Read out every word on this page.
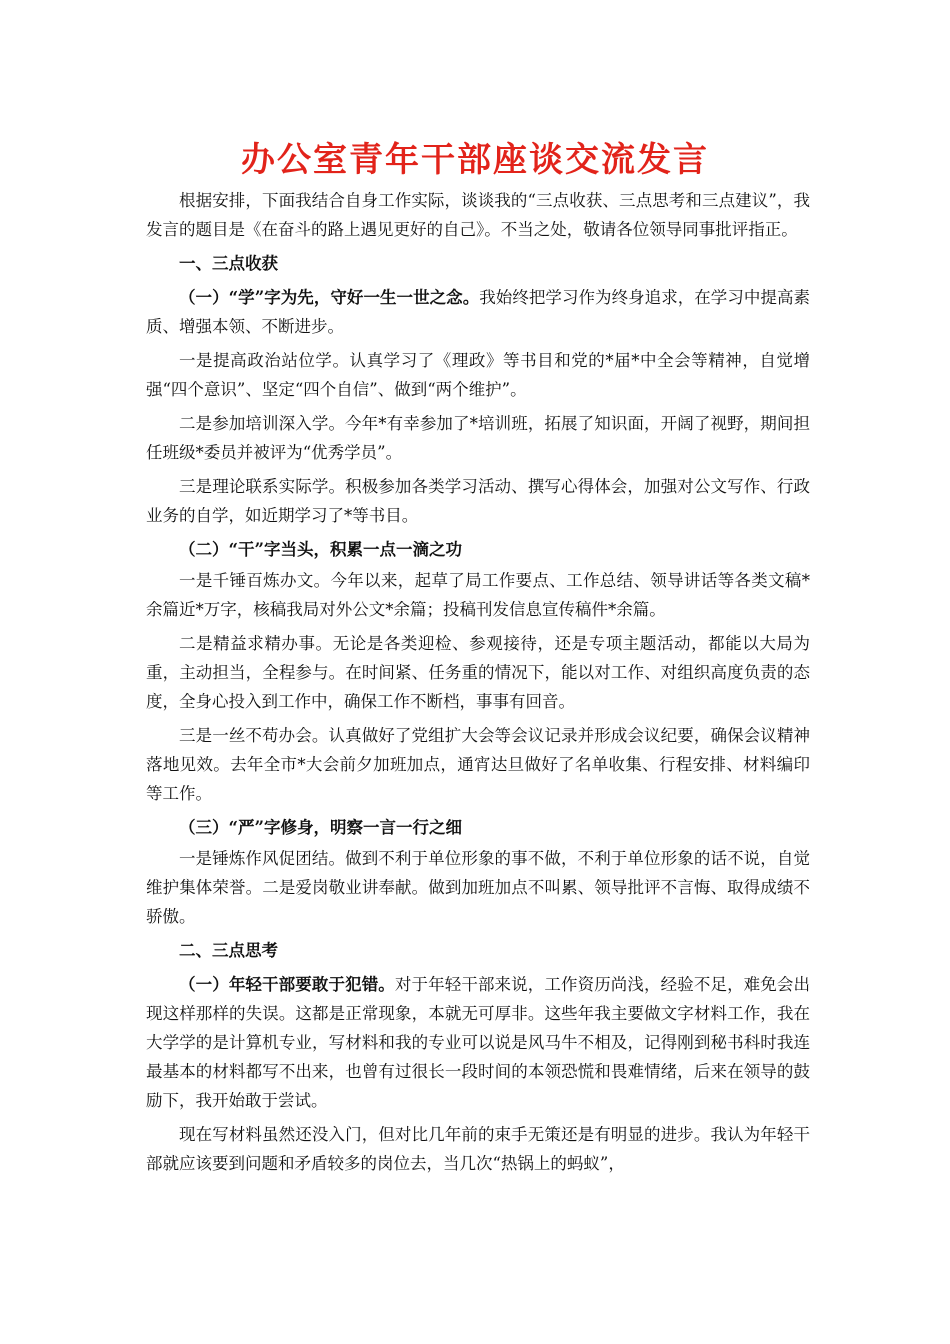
办公室青年干部座谈交流发言

根据安排，下面我结合自身工作实际，谈谈我的“三点收获、三点思考和三点建议”，我发言的题目是《在奋斗的路上遇见更好的自己》。不当之处，敬请各位领导同事批评指正。

一、三点收获

（一）“学”字为先，守好一生一世之念。我始终把学习作为终身追求，在学习中提高素质、增强本领、不断进步。

一是提高政治站位学。认真学习了《理政》等书目和党的*届*中全会等精神，自觉增强“四个意识”、坚定“四个自信”、做到“两个维护”。

二是参加培训深入学。今年*有幸参加了*培训班，拓展了知识面，开阔了视野，期间担任班级*委员并被评为“优秀学员”。

三是理论联系实际学。积极参加各类学习活动、撰写心得体会，加强对公文写作、行政业务的自学，如近期学习了*等书目。

（二）“干”字当头，积累一点一滴之功

一是千锤百炼办文。今年以来，起草了局工作要点、工作总结、领导讲话等各类文稿*余篇近*万字，核稿我局对外公文*余篇；投稿刊发信息宣传稿件*余篇。

二是精益求精办事。无论是各类迎检、参观接待，还是专项主题活动，都能以大局为重，主动担当，全程参与。在时间紧、任务重的情况下，能以对工作、对组织高度负责的态度，全身心投入到工作中，确保工作不断档，事事有回音。

三是一丝不苟办会。认真做好了党组扩大会等会议记录并形成会议纪要，确保会议精神落地见效。去年全市*大会前夕加班加点，通宵达旦做好了名单收集、行程安排、材料编印等工作。

（三）“严”字修身，明察一言一行之细

一是锤炼作风促团结。做到不利于单位形象的事不做，不利于单位形象的话不说，自觉维护集体荣誉。二是爱岗敬业讲奉献。做到加班加点不叫累、领导批评不言悔、取得成绩不骄傲。

二、三点思考

（一）年轻干部要敢于犯错。对于年轻干部来说，工作资历尚浅，经验不足，难免会出现这样那样的失误。这都是正常现象，本就无可厚非。这些年我主要做文字材料工作，我在大学学的是计算机专业，写材料和我的专业可以说是风马牛不相及，记得刚到秘书科时我连最基本的材料都写不出来，也曾有过很长一段时间的本领恐慌和畏难情绪，后来在领导的鼓励下，我开始敢于尝试。

现在写材料虽然还没入门，但对比几年前的束手无策还是有明显的进步。我认为年轻干部就应该要到问题和矛盾较多的岗位去，当几次“热锅上的蚂蚁”，
